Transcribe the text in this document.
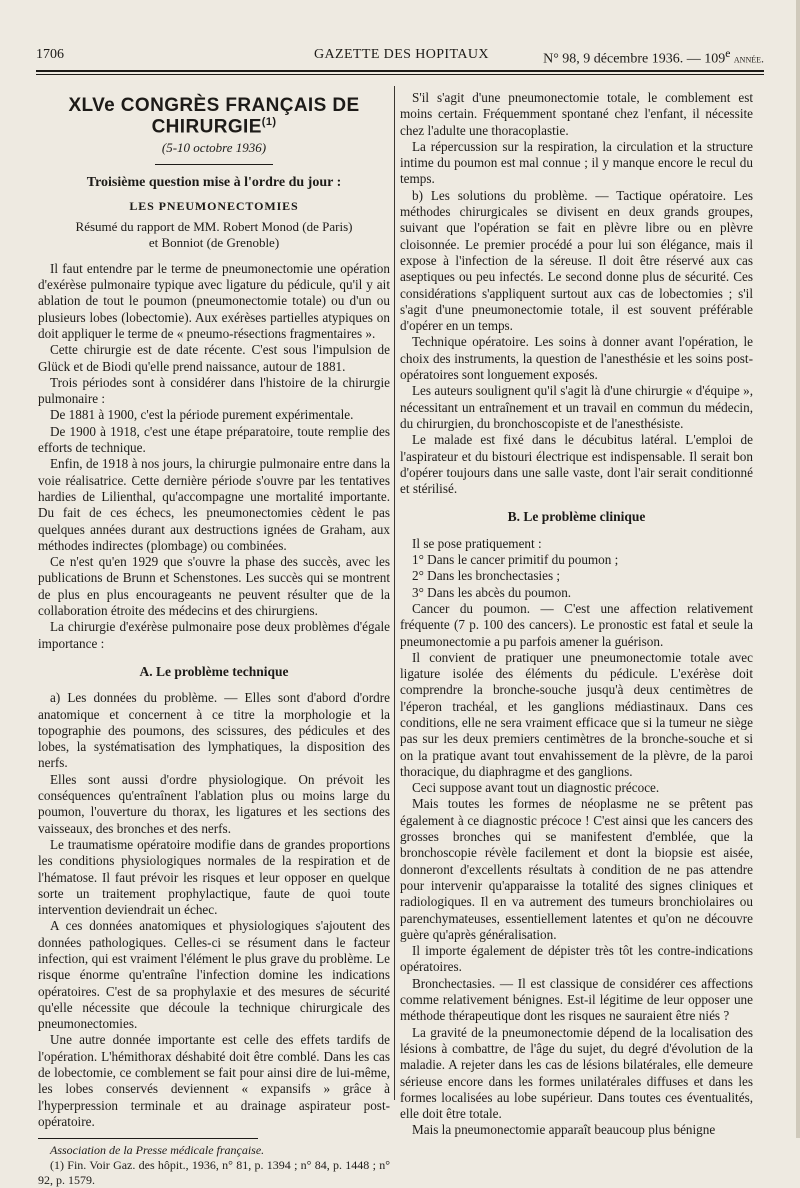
1706	GAZETTE DES HOPITAUX	N° 98, 9 décembre 1936. — 109e année.
XLVe CONGRÈS FRANÇAIS DE CHIRURGIE$^{(1)}$
(5-10 octobre 1936)
Troisième question mise à l'ordre du jour :
LES PNEUMONECTOMIES
Résumé du rapport de MM. Robert Monod (de Paris)
et Bonniot (de Grenoble)

Il faut entendre par le terme de pneumonectomie une opération d'exérèse pulmonaire typique avec ligature du pédicule, qu'il y ait ablation de tout le poumon (pneumonectomie totale) ou d'un ou plusieurs lobes (lobectomie). Aux exérèses partielles atypiques on doit appliquer le terme de « pneumo-résections fragmentaires ».

Cette chirurgie est de date récente. C'est sous l'impulsion de Glück et de Biodi qu'elle prend naissance, autour de 1881.

Trois périodes sont à considérer dans l'histoire de la chirurgie pulmonaire :

De 1881 à 1900, c'est la période purement expérimentale.

De 1900 à 1918, c'est une étape préparatoire, toute remplie des efforts de technique.

Enfin, de 1918 à nos jours, la chirurgie pulmonaire entre dans la voie réalisatrice. Cette dernière période s'ouvre par les tentatives hardies de Lilienthal, qu'accompagne une mortalité importante. Du fait de ces échecs, les pneumonectomies cèdent le pas quelques années durant aux destructions ignées de Graham, aux méthodes indirectes (plombage) ou combinées.

Ce n'est qu'en 1929 que s'ouvre la phase des succès, avec les publications de Brunn et Schenstones. Les succès qui se montrent de plus en plus encourageants ne peuvent résulter que de la collaboration étroite des médecins et des chirurgiens.

La chirurgie d'exérèse pulmonaire pose deux problèmes d'égale importance :

A. Le problème technique

a) Les données du problème. — Elles sont d'abord d'ordre anatomique et concernent à ce titre la morphologie et la topographie des poumons, des scissures, des pédicules et des lobes, la systématisation des lymphatiques, la disposition des nerfs.

Elles sont aussi d'ordre physiologique. On prévoit les conséquences qu'entraînent l'ablation plus ou moins large du poumon, l'ouverture du thorax, les ligatures et les sections des vaisseaux, des bronches et des nerfs.

Le traumatisme opératoire modifie dans de grandes proportions les conditions physiologiques normales de la respiration et de l'hématose. Il faut prévoir les risques et leur opposer en quelque sorte un traitement prophylactique, faute de quoi toute intervention deviendrait un échec.

A ces données anatomiques et physiologiques s'ajoutent des données pathologiques. Celles-ci se résument dans le facteur infection, qui est vraiment l'élément le plus grave du problème. Le risque énorme qu'entraîne l'infection domine les indications opératoires. C'est de sa prophylaxie et des mesures de sécurité qu'elle nécessite que découle la technique chirurgicale des pneumonectomies.

Une autre donnée importante est celle des effets tardifs de l'opération. L'hémithorax déshabité doit être comblé. Dans les cas de lobectomie, ce comblement se fait pour ainsi dire de lui-même, les lobes conservés deviennent « expansifs » grâce à l'hyperpression terminale et au drainage aspirateur post-opératoire.

Association de la Presse médicale française.

(1) Fin. Voir Gaz. des hôpit., 1936, n° 81, p. 1394 ; n° 84, p. 1448 ; n° 92, p. 1579.

S'il s'agit d'une pneumonectomie totale, le comblement est moins certain. Fréquemment spontané chez l'enfant, il nécessite chez l'adulte une thoracoplastie.

La répercussion sur la respiration, la circulation et la structure intime du poumon est mal connue ; il y manque encore le recul du temps.

b) Les solutions du problème. — Tactique opératoire. Les méthodes chirurgicales se divisent en deux grands groupes, suivant que l'opération se fait en plèvre libre ou en plèvre cloisonnée. Le premier procédé a pour lui son élégance, mais il expose à l'infection de la séreuse. Il doit être réservé aux cas aseptiques ou peu infectés. Le second donne plus de sécurité. Ces considérations s'appliquent surtout aux cas de lobectomies ; s'il s'agit d'une pneumonectomie totale, il est souvent préférable d'opérer en un temps.

Technique opératoire. Les soins à donner avant l'opération, le choix des instruments, la question de l'anesthésie et les soins post-opératoires sont longuement exposés.

Les auteurs soulignent qu'il s'agit là d'une chirurgie « d'équipe », nécessitant un entraînement et un travail en commun du médecin, du chirurgien, du bronchoscopiste et de l'anesthésiste.

Le malade est fixé dans le décubitus latéral. L'emploi de l'aspirateur et du bistouri électrique est indispensable. Il serait bon d'opérer toujours dans une salle vaste, dont l'air serait conditionné et stérilisé.

B. Le problème clinique

Il se pose pratiquement :

1° Dans le cancer primitif du poumon ;

2° Dans les bronchectasies ;

3° Dans les abcès du poumon.

Cancer du poumon. — C'est une affection relativement fréquente (7 p. 100 des cancers). Le pronostic est fatal et seule la pneumonectomie a pu parfois amener la guérison.

Il convient de pratiquer une pneumonectomie totale avec ligature isolée des éléments du pédicule. L'exérèse doit comprendre la bronche-souche jusqu'à deux centimètres de l'éperon trachéal, et les ganglions médiastinaux. Dans ces conditions, elle ne sera vraiment efficace que si la tumeur ne siège pas sur les deux premiers centimètres de la bronche-souche et si on la pratique avant tout envahissement de la plèvre, de la paroi thoracique, du diaphragme et des ganglions.

Ceci suppose avant tout un diagnostic précoce.

Mais toutes les formes de néoplasme ne se prêtent pas également à ce diagnostic précoce ! C'est ainsi que les cancers des grosses bronches qui se manifestent d'emblée, que la bronchoscopie révèle facilement et dont la biopsie est aisée, donneront d'excellents résultats à condition de ne pas attendre pour intervenir qu'apparaisse la totalité des signes cliniques et radiologiques. Il en va autrement des tumeurs bronchiolaires ou parenchymateuses, essentiellement latentes et qu'on ne découvre guère qu'après généralisation.

Il importe également de dépister très tôt les contre-indications opératoires.

Bronchectasies. — Il est classique de considérer ces affections comme relativement bénignes. Est-il légitime de leur opposer une méthode thérapeutique dont les risques ne sauraient être niés ?

La gravité de la pneumonectomie dépend de la localisation des lésions à combattre, de l'âge du sujet, du degré d'évolution de la maladie. A rejeter dans les cas de lésions bilatérales, elle demeure sérieuse encore dans les formes unilatérales diffuses et dans les formes localisées au lobe supérieur. Dans toutes ces éventualités, elle doit être totale.

Mais la pneumonectomie apparaît beaucoup plus bénigne
